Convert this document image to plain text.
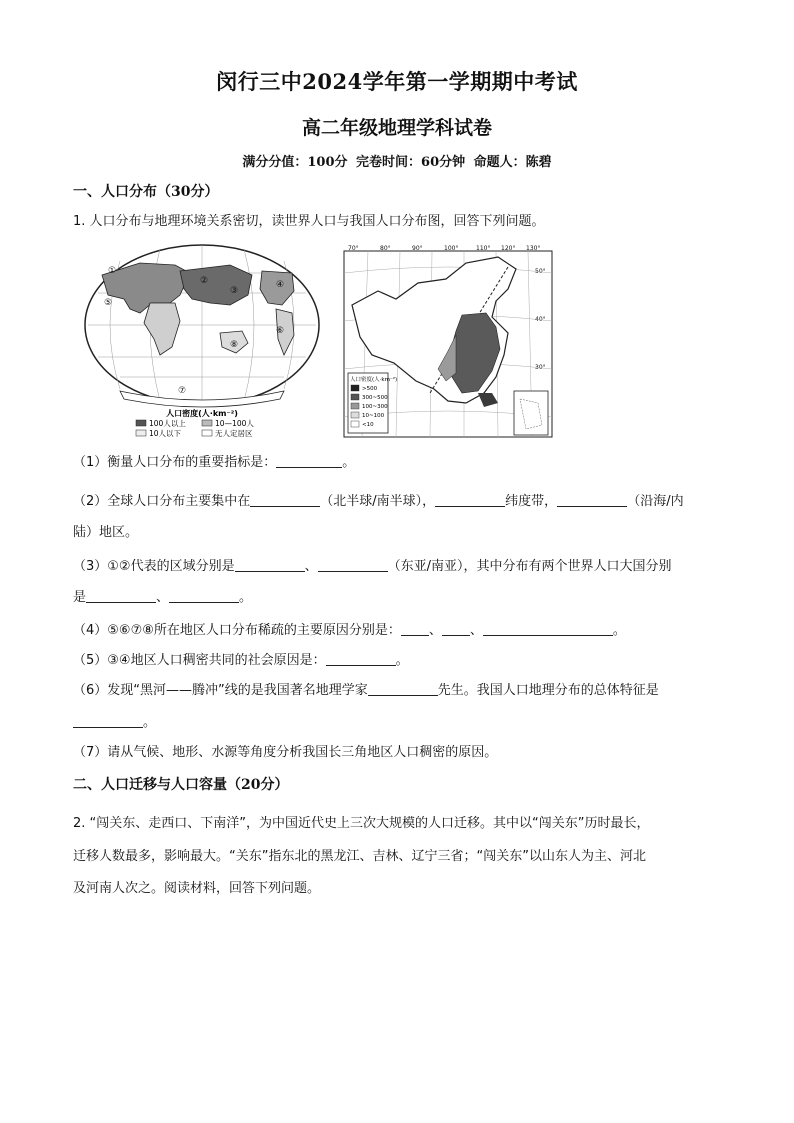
闵行三中2024学年第一学期期中考试
高二年级地理学科试卷
满分分值：100分 完卷时间：60分钟 命题人：陈碧
一、人口分布（30分）
1. 人口分布与地理环境关系密切，读世界人口与我国人口分布图，回答下列问题。
①
②
③
④
⑤
⑥
⑦
⑧
人口密度(人·km⁻²)
100人以上	10—100人
10人以下	无人定居区
70°	80°	90°	100°	110° 120° 130°
50°
40°
30°
人口密度(人·km⁻²)
>500
300~500
100~300
10~100
<10
（1）衡量人口分布的重要指标是：	。
（2）全球人口分布主要集中在	（北半球/南半球），	纬度带，	（沿海/内
陆）地区。
（3）①②代表的区域分别是	、	（东亚/南亚），其中分布有两个世界人口大国分别
是	、	。
（4）⑤⑥⑦⑧所在地区人口分布稀疏的主要原因分别是： 、 、	。
（5）③④地区人口稠密共同的社会原因是：	。
（6）发现“黑河——腾冲”线的是我国著名地理学家	先生。我国人口地理分布的总体特征是
。
（7）请从气候、地形、水源等角度分析我国长三角地区人口稠密的原因。
二、人口迁移与人口容量（20分）
2. “闯关东、走西口、下南洋”，为中国近代史上三次大规模的人口迁移。其中以“闯关东”历时最长，
迁移人数最多，影响最大。“关东”指东北的黑龙江、吉林、辽宁三省；“闯关东”以山东人为主、河北
及河南人次之。阅读材料，回答下列问题。
